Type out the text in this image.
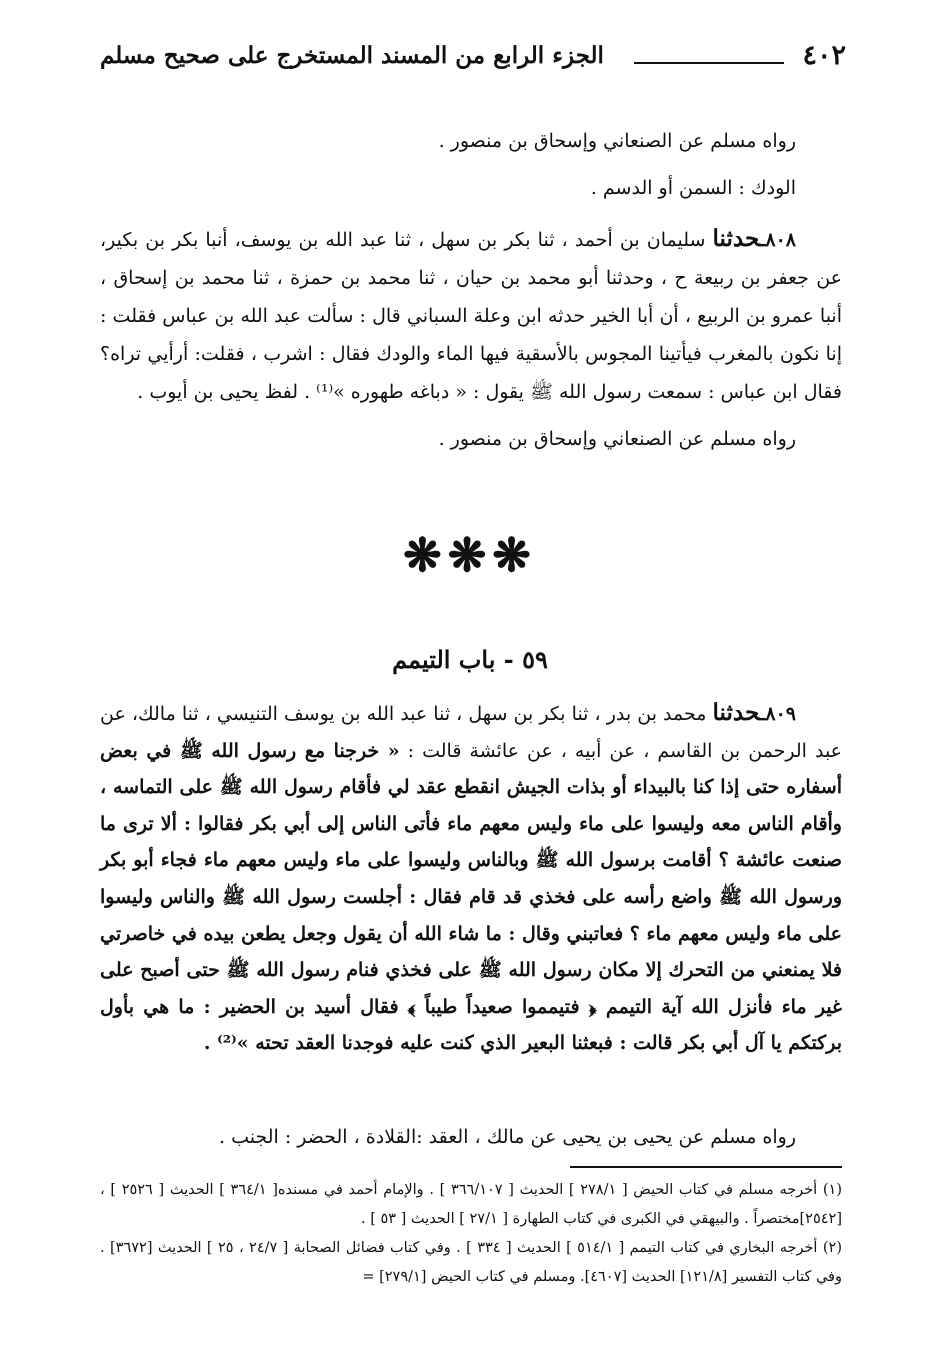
٤٠٢
الجزء الرابع من المسند المستخرج على صحيح مسلم

رواه مسلم عن الصنعاني وإسحاق بن منصور .

الودك : السمن أو الدسم .

٨٠٨ـحدثنا سليمان بن أحمد ، ثنا بكر بن سهل ، ثنا عبد الله بن يوسف، أنبا بكر بن بكير، عن جعفر بن ربيعة ح ، وحدثنا أبو محمد بن حيان ، ثنا محمد بن حمزة ، ثنا محمد بن إسحاق ، أنبا عمرو بن الربيع ، أن أبا الخير حدثه ابن وعلة السباني قال : سألت عبد الله بن عباس فقلت : إنا نكون بالمغرب فيأتينا المجوس بالأسقية فيها الماء والودك فقال : اشرب ، فقلت: أرأيي تراه؟ فقال ابن عباس : سمعت رسول الله ﷺ يقول : « دباغه طهوره »⁽¹⁾ . لفظ يحيى بن أيوب .

رواه مسلم عن الصنعاني وإسحاق بن منصور .

❋❋❋
٥٩ - باب التيمم

٨٠٩ـحدثنا محمد بن بدر ، ثنا بكر بن سهل ، ثنا عبد الله بن يوسف التنيسي ، ثنا مالك، عن عبد الرحمن بن القاسم ، عن أبيه ، عن عائشة قالت : « خرجنا مع رسول الله ﷺ في بعض أسفاره حتى إذا كنا بالبيداء أو بذات الجيش انقطع عقد لي فأقام رسول الله ﷺ على التماسه ، وأقام الناس معه وليسوا على ماء وليس معهم ماء فأتى الناس إلى أبي بكر فقالوا : ألا ترى ما صنعت عائشة ؟ أقامت برسول الله ﷺ وبالناس وليسوا على ماء وليس معهم ماء فجاء أبو بكر ورسول الله ﷺ واضع رأسه على فخذي قد قام فقال : أجلست رسول الله ﷺ والناس وليسوا على ماء وليس معهم ماء ؟ فعاتبني وقال : ما شاء الله أن يقول وجعل يطعن بيده في خاصرتي فلا يمنعني من التحرك إلا مكان رسول الله ﷺ على فخذي فنام رسول الله ﷺ حتى أصبح على غير ماء فأنزل الله آية التيمم ﴿ فتيمموا صعيداً طيباً ﴾ فقال أسيد بن الحضير : ما هي بأول بركتكم يا آل أبي بكر قالت : فبعثنا البعير الذي كنت عليه فوجدنا العقد تحته »⁽²⁾ .

رواه مسلم عن يحيى بن يحيى عن مالك ، العقد :القلادة ، الحضر : الجنب .

(١) أخرجه مسلم في كتاب الحيض [ ٢٧٨/١ ] الحديث [ ٣٦٦/١٠٧ ] . والإمام أحمد في مسنده[ ٣٦٤/١ ] الحديث [ ٢٥٢٦ ] ،[٢٥٤٢]مختصراً . والبيهقي في الكبرى في كتاب الطهارة [ ٢٧/١ ] الحديث [ ٥٣ ] .

(٢) أخرجه البخاري في كتاب التيمم [ ٥١٤/١ ] الحديث [ ٣٣٤ ] . وفي كتاب فضائل الصحابة [ ٢٤/٧ ، ٢٥ ] الحديث [٣٦٧٢] . وفي كتاب التفسير [١٢١/٨] الحديث [٤٦٠٧]. ومسلم في كتاب الحيض [٢٧٩/١] =
